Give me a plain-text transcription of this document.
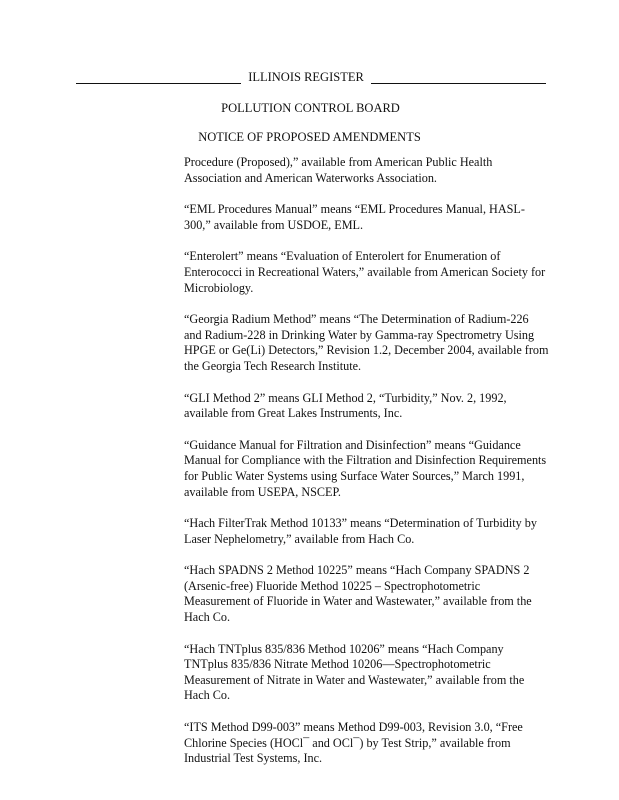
ILLINOIS REGISTER
POLLUTION CONTROL BOARD
NOTICE OF PROPOSED AMENDMENTS

Procedure (Proposed),” available from American Public Health Association and American Waterworks Association.

“EML Procedures Manual” means “EML Procedures Manual, HASL-300,” available from USDOE, EML.

“Enterolert” means “Evaluation of Enterolert for Enumeration of Enterococci in Recreational Waters,” available from American Society for Microbiology.

“Georgia Radium Method” means “The Determination of Radium-226 and Radium-228 in Drinking Water by Gamma-ray Spectrometry Using HPGE or Ge(Li) Detectors,” Revision 1.2, December 2004, available from the Georgia Tech Research Institute.

“GLI Method 2” means GLI Method 2, “Turbidity,” Nov. 2, 1992, available from Great Lakes Instruments, Inc.

“Guidance Manual for Filtration and Disinfection” means “Guidance Manual for Compliance with the Filtration and Disinfection Requirements for Public Water Systems using Surface Water Sources,” March 1991, available from USEPA, NSCEP.

“Hach FilterTrak Method 10133” means “Determination of Turbidity by Laser Nephelometry,” available from Hach Co.

“Hach SPADNS 2 Method 10225” means “Hach Company SPADNS 2 (Arsenic-free) Fluoride Method 10225 – Spectrophotometric Measurement of Fluoride in Water and Wastewater,” available from the Hach Co.

“Hach TNTplus 835/836 Method 10206” means “Hach Company TNTplus 835/836 Nitrate Method 10206—Spectrophotometric Measurement of Nitrate in Water and Wastewater,” available from the Hach Co.

“ITS Method D99-003” means Method D99-003, Revision 3.0, “Free Chlorine Species (HOCl¯ and OCl¯) by Test Strip,” available from Industrial Test Systems, Inc.
